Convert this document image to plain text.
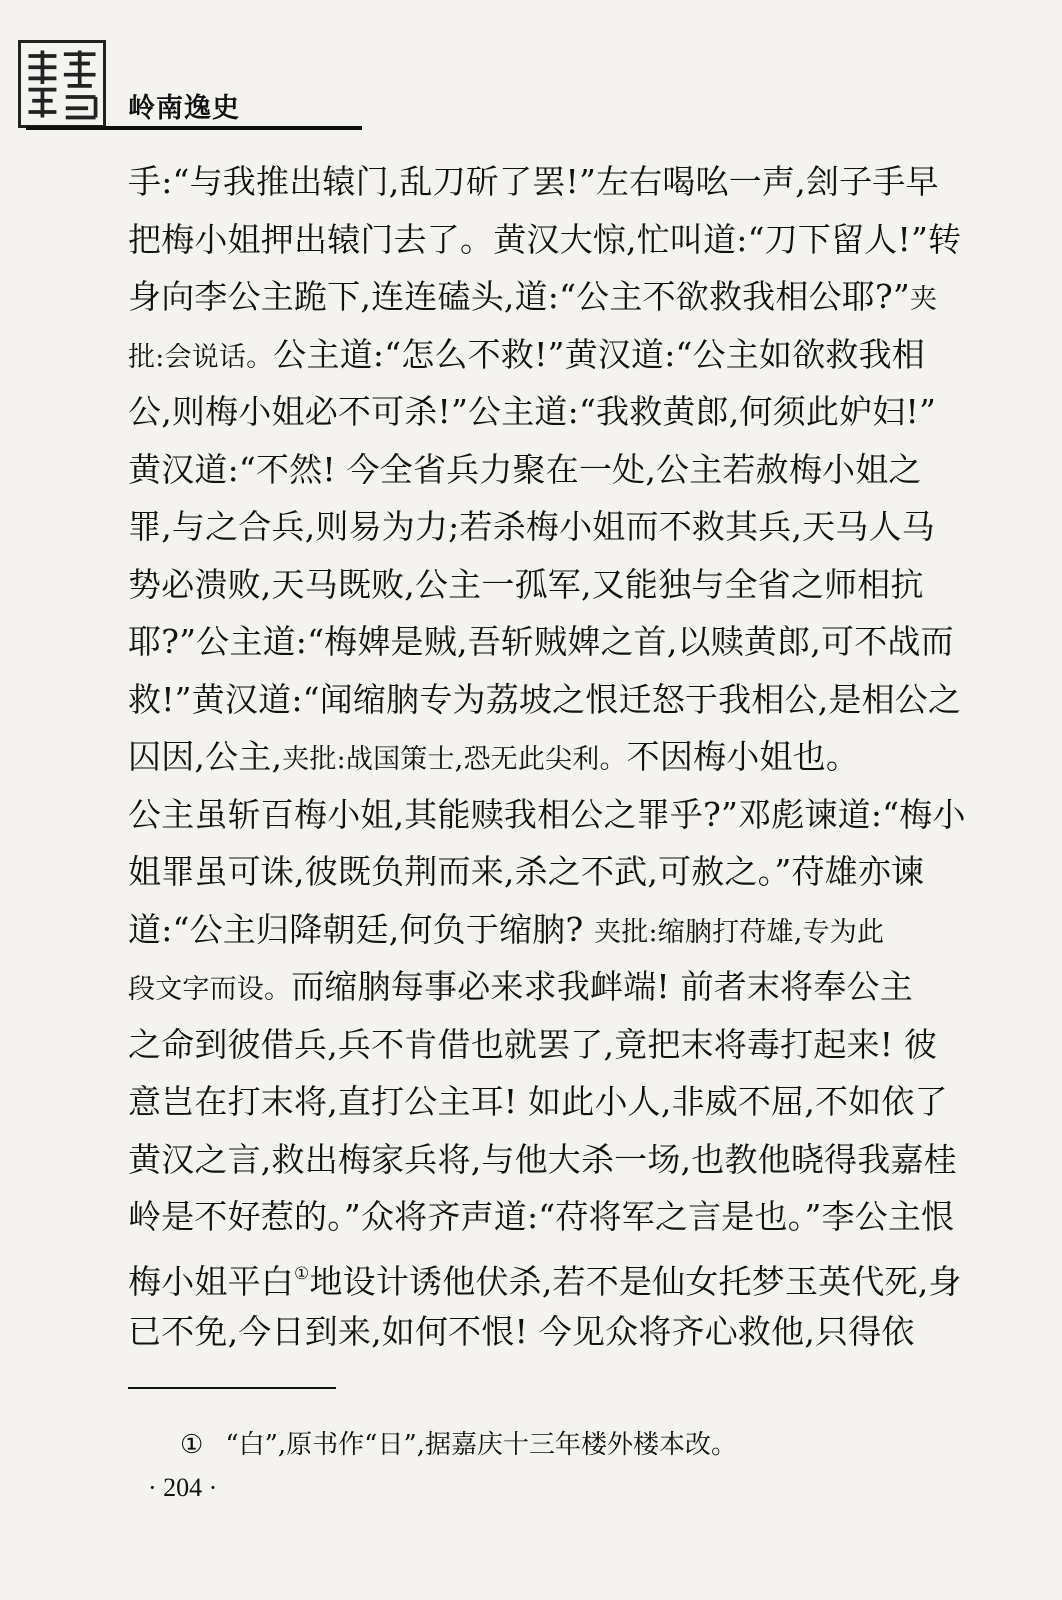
岭南逸史
手:“与我推出辕门,乱刀斫了罢!”左右喝吆一声,刽子手早
把梅小姐押出辕门去了。黄汉大惊,忙叫道:“刀下留人!”转
身向李公主跪下,连连磕头,道:“公主不欲救我相公耶?”夹
批:会说话。公主道:“怎么不救!”黄汉道:“公主如欲救我相
公,则梅小姐必不可杀!”公主道:“我救黄郎,何须此妒妇!”
黄汉道:“不然! 今全省兵力聚在一处,公主若赦梅小姐之
罪,与之合兵,则易为力;若杀梅小姐而不救其兵,天马人马
势必溃败,天马既败,公主一孤军,又能独与全省之师相抗
耶?”公主道:“梅婢是贼,吾斩贼婢之首,以赎黄郎,可不战而
救!”黄汉道:“闻缩朒专为荔坡之恨迁怒于我相公,是相公之
囚因,公主,夹批:战国策士,恐无此尖利。不因梅小姐也。
公主虽斩百梅小姐,其能赎我相公之罪乎?”邓彪谏道:“梅小
姐罪虽可诛,彼既负荆而来,杀之不武,可赦之。”苻雄亦谏
道:“公主归降朝廷,何负于缩朒? 夹批:缩朒打苻雄,专为此
段文字而设。而缩朒每事必来求我衅端! 前者末将奉公主
之命到彼借兵,兵不肯借也就罢了,竟把末将毒打起来! 彼
意岂在打末将,直打公主耳! 如此小人,非威不屈,不如依了
黄汉之言,救出梅家兵将,与他大杀一场,也教他晓得我嘉桂
岭是不好惹的。”众将齐声道:“苻将军之言是也。”李公主恨
梅小姐平白①地设计诱他伏杀,若不是仙女托梦玉英代死,身
已不免,今日到来,如何不恨! 今见众将齐心救他,只得依
① “白”,原书作“日”,据嘉庆十三年楼外楼本改。
· 204 ·
